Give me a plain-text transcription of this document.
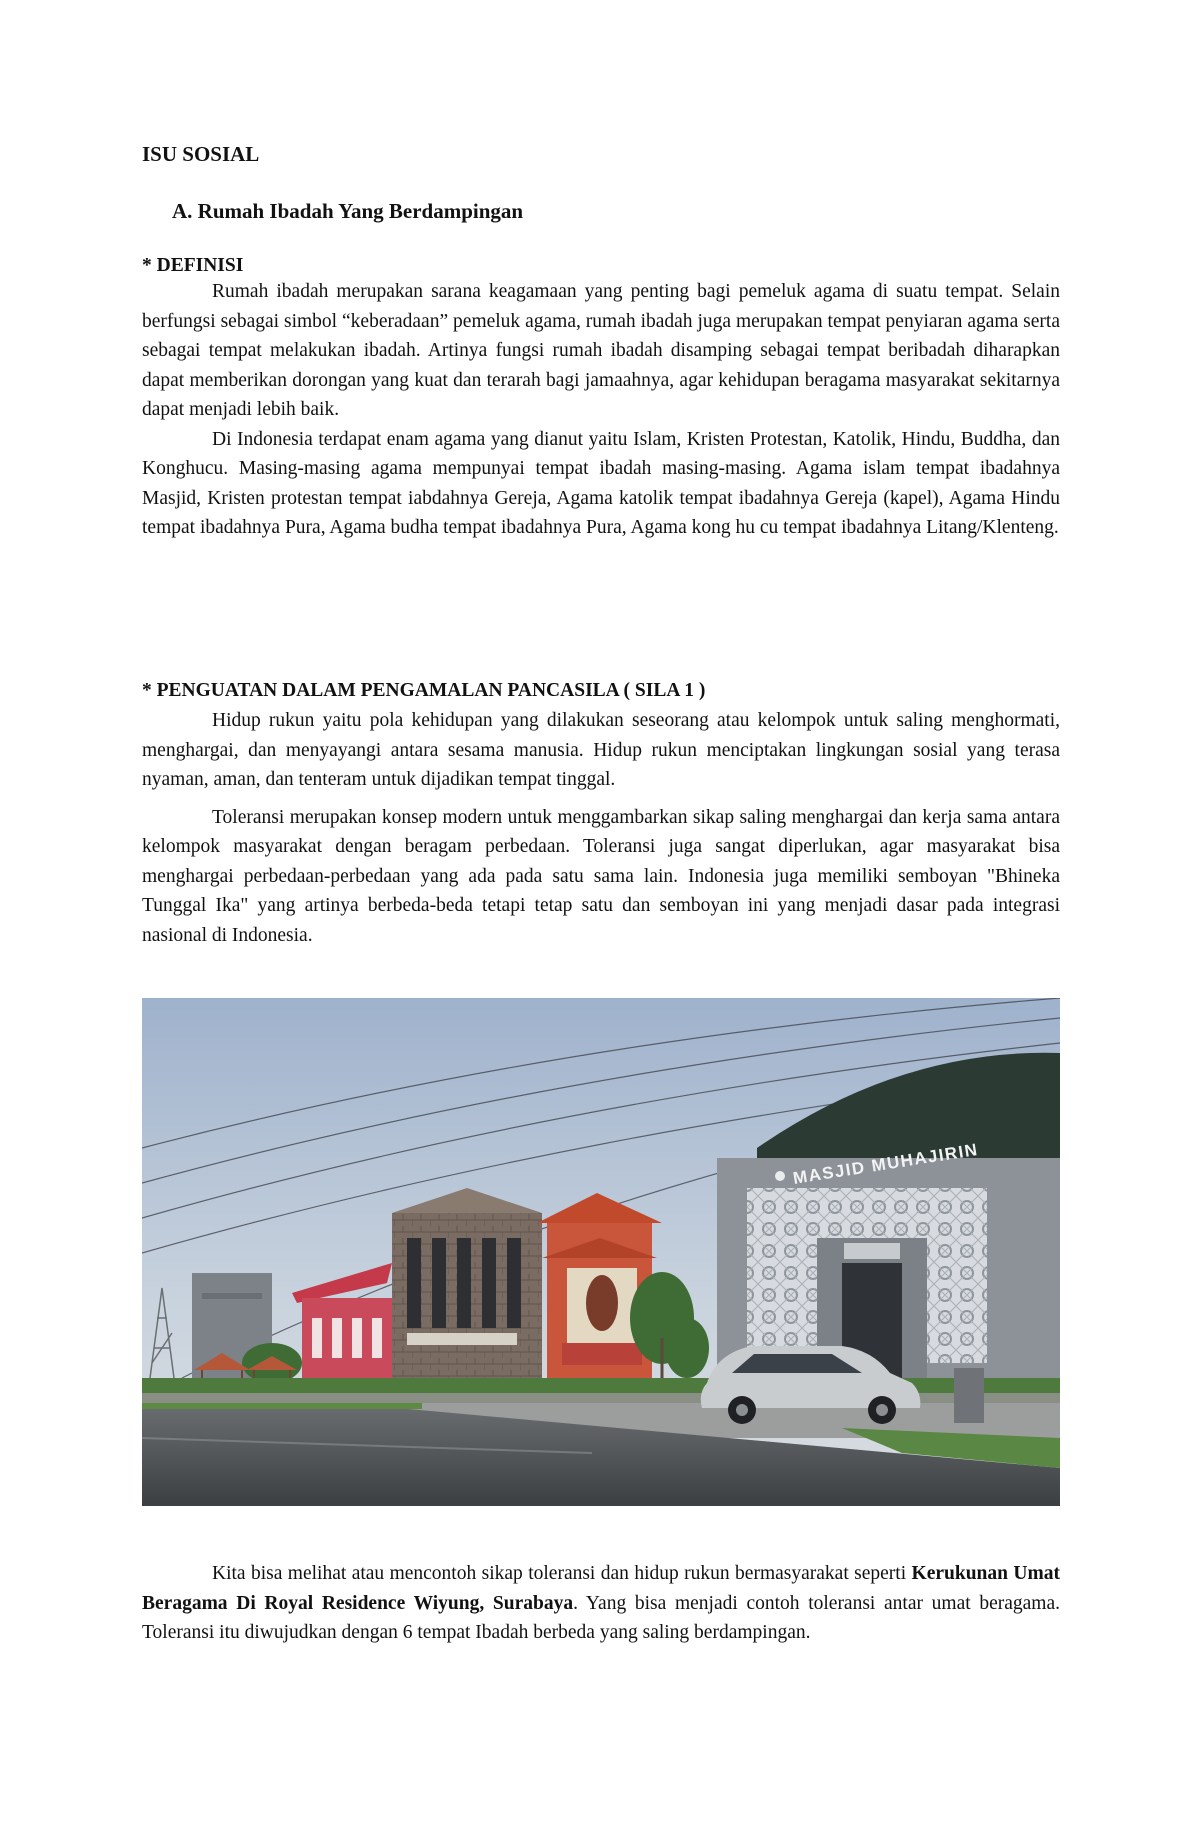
ISU SOSIAL
A. Rumah Ibadah Yang Berdampingan
* DEFINISI

Rumah ibadah merupakan sarana keagamaan yang penting bagi pemeluk agama di suatu tempat. Selain berfungsi sebagai simbol “keberadaan” pemeluk agama, rumah ibadah juga merupakan tempat penyiaran agama serta sebagai tempat melakukan ibadah. Artinya fungsi rumah ibadah disamping sebagai tempat beribadah diharapkan dapat memberikan dorongan yang kuat dan terarah bagi jamaahnya, agar kehidupan beragama masyarakat sekitarnya dapat menjadi lebih baik.

Di Indonesia terdapat enam agama yang dianut yaitu Islam, Kristen Protestan, Katolik, Hindu, Buddha, dan Konghucu. Masing-masing agama mempunyai tempat ibadah masing-masing. Agama islam tempat ibadahnya Masjid, Kristen protestan tempat iabdahnya Gereja, Agama katolik tempat ibadahnya Gereja (kapel), Agama Hindu tempat ibadahnya Pura, Agama budha tempat ibadahnya Pura, Agama kong hu cu tempat ibadahnya Litang/Klenteng.

* PENGUATAN DALAM PENGAMALAN PANCASILA ( SILA 1 )

Hidup rukun yaitu pola kehidupan yang dilakukan seseorang atau kelompok untuk saling menghormati, menghargai, dan menyayangi antara sesama manusia. Hidup rukun menciptakan lingkungan sosial yang terasa nyaman, aman, dan tenteram untuk dijadikan tempat tinggal.

Toleransi merupakan konsep modern untuk menggambarkan sikap saling menghargai dan kerja sama antara kelompok masyarakat dengan beragam perbedaan. Toleransi juga sangat diperlukan, agar masyarakat bisa menghargai perbedaan-perbedaan yang ada pada satu sama lain. Indonesia juga memiliki semboyan "Bhineka Tunggal Ika" yang artinya berbeda-beda tetapi tetap satu dan semboyan ini yang menjadi dasar pada integrasi nasional di Indonesia.

MASJID MUHAJIRIN

Kita bisa melihat atau mencontoh sikap toleransi dan hidup rukun bermasyarakat seperti Kerukunan Umat Beragama Di Royal Residence Wiyung, Surabaya. Yang bisa menjadi contoh toleransi antar umat beragama. Toleransi itu diwujudkan dengan 6 tempat Ibadah berbeda yang saling berdampingan.
